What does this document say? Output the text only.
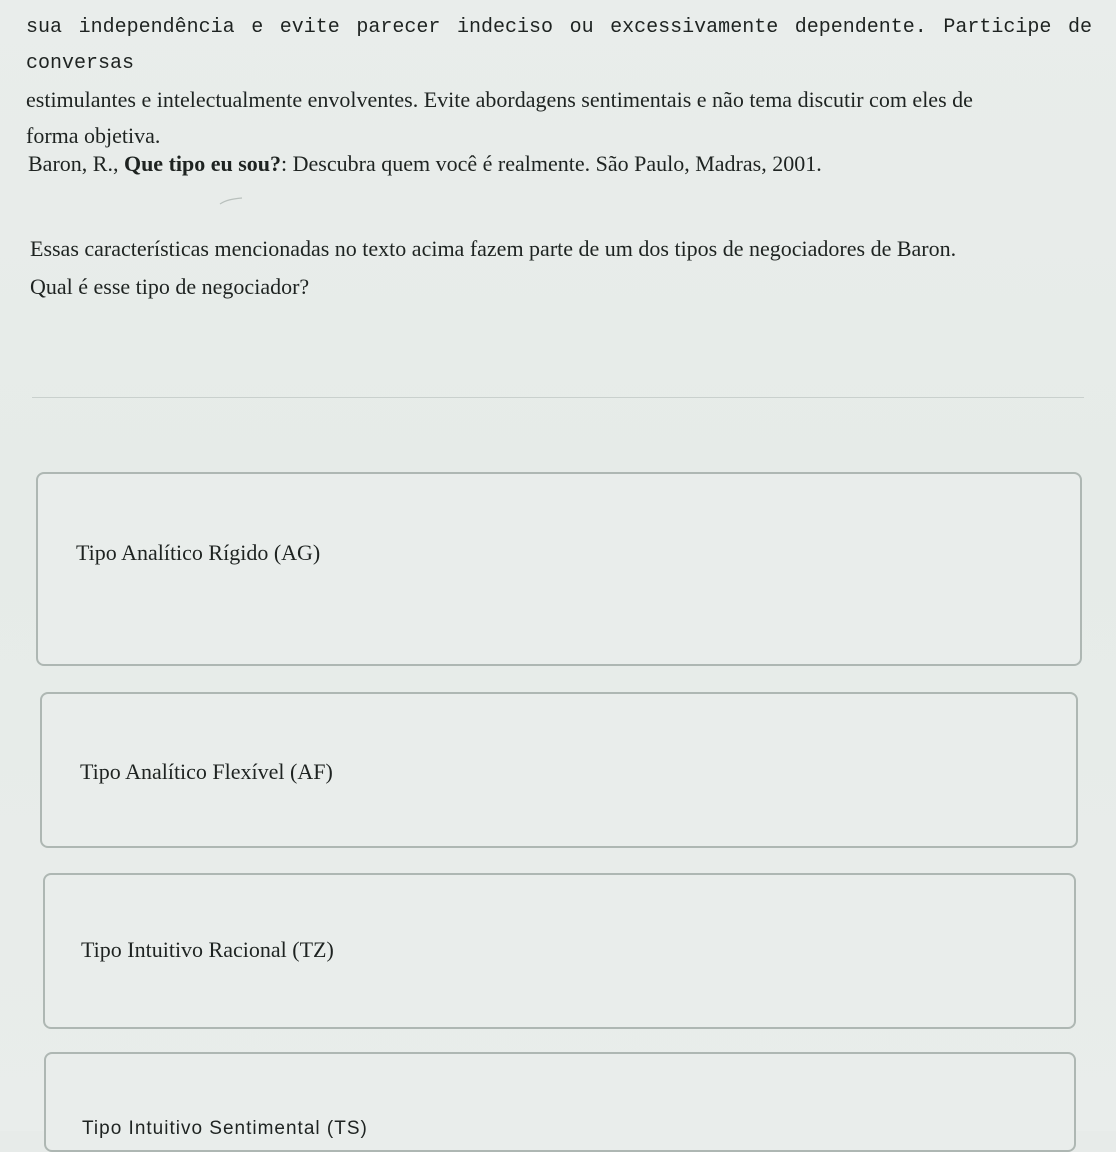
sua independência e evite parecer indeciso ou excessivamente dependente. Participe de conversas
estimulantes e intelectualmente envolventes. Evite abordagens sentimentais e não tema discutir com eles de
forma objetiva.
Baron, R., Que tipo eu sou?: Descubra quem você é realmente. São Paulo, Madras, 2001.
Essas características mencionadas no texto acima fazem parte de um dos tipos de negociadores de Baron.
Qual é esse tipo de negociador?
Tipo Analítico Rígido (AG)
Tipo Analítico Flexível (AF)
Tipo Intuitivo Racional (TZ)
Tipo Intuitivo Sentimental (TS)
